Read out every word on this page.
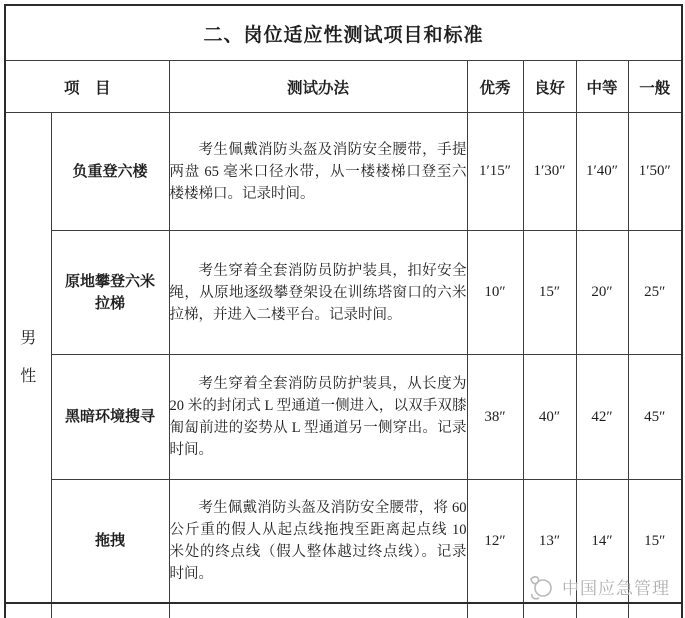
二、岗位适应性测试项目和标准						
项　目		测试办法	优秀	良好	中等	一般

男
性	负重登六楼	考生佩戴消防头盔及消防安全腰带，手提两盘 65 毫米口径水带，从一楼楼梯口登至六楼楼梯口。记录时间。	1′15″	1′30″	1′40″	1′50″
	原地攀登六米拉梯	考生穿着全套消防员防护装具，扣好安全绳，从原地逐级攀登架设在训练塔窗口的六米拉梯，并进入二楼平台。记录时间。	10″	15″	20″	25″
	黑暗环境搜寻	考生穿着全套消防员防护装具，从长度为 20 米的封闭式 L 型通道一侧进入，以双手双膝匍匐前进的姿势从 L 型通道另一侧穿出。记录时间。	38″	40″	42″	45″
	拖拽	考生佩戴消防头盔及消防安全腰带，将 60 公斤重的假人从起点线拖拽至距离起点线 10 米处的终点线（假人整体越过终点线）。记录时间。	12″	13″	14″	15″

中国应急管理
